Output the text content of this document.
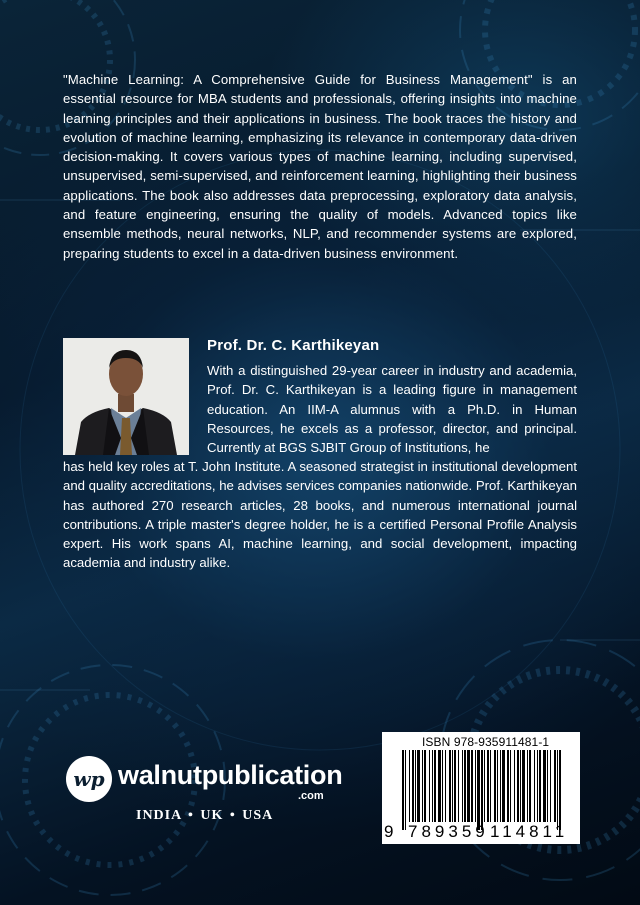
"Machine Learning: A Comprehensive Guide for Business Management" is an essential resource for MBA students and professionals, offering insights into machine learning principles and their applications in business. The book traces the history and evolution of machine learning, emphasizing its relevance in contemporary data-driven decision-making. It covers various types of machine learning, including supervised, unsupervised, semi-supervised, and reinforcement learning, highlighting their business applications. The book also addresses data preprocessing, exploratory data analysis, and feature engineering, ensuring the quality of models. Advanced topics like ensemble methods, neural networks, NLP, and recommender systems are explored, preparing students to excel in a data-driven business environment.
Prof. Dr. C. Karthikeyan
With a distinguished 29-year career in industry and academia, Prof. Dr. C. Karthikeyan is a leading figure in management education. An IIM-A alumnus with a Ph.D. in Human Resources, he excels as a professor, director, and principal. Currently at BGS SJBIT Group of Institutions, he
has held key roles at T. John Institute. A seasoned strategist in institutional development and quality accreditations, he advises services companies nationwide. Prof. Karthikeyan has authored 270 research articles, 28 books, and numerous international journal contributions. A triple master's degree holder, he is a certified Personal Profile Analysis expert. His work spans AI, machine learning, and social development, impacting academia and industry alike.
wp walnutpublication
.com
INDIA • UK • USA
ISBN 978-935911481-1
9 789359 114811
